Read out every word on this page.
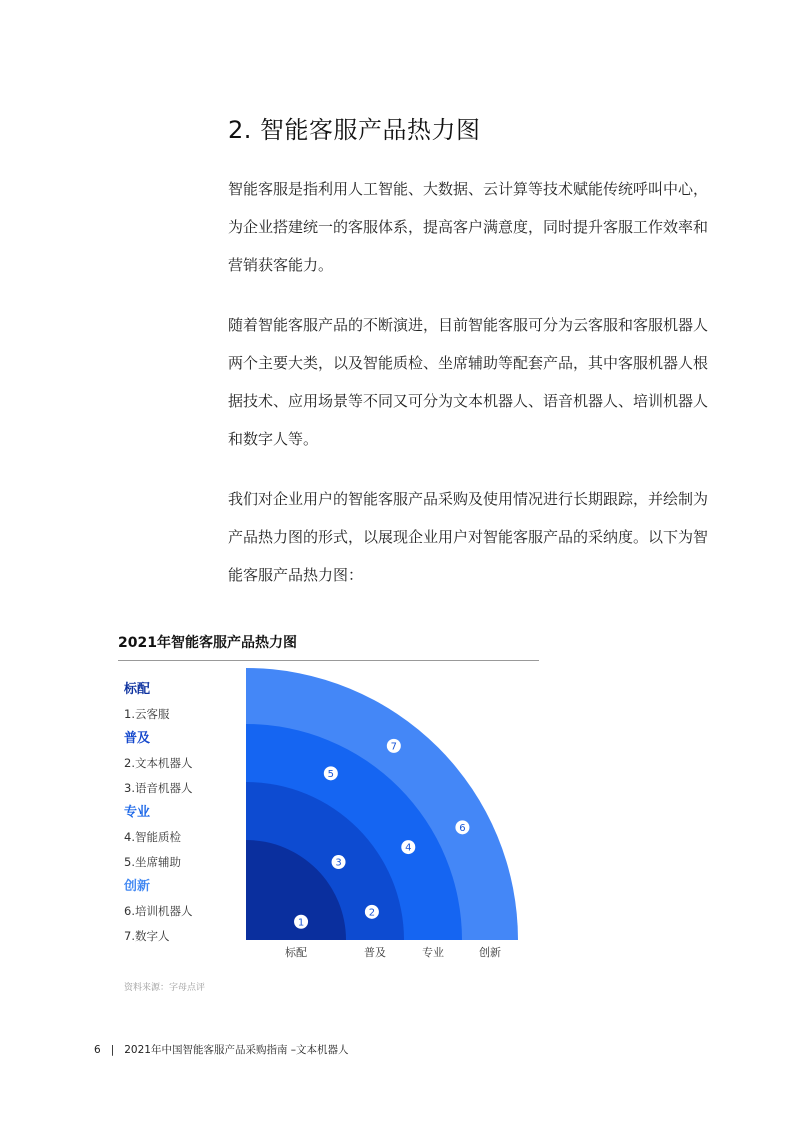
2. 智能客服产品热力图

智能客服是指利用人工智能、大数据、云计算等技术赋能传统呼叫中心，为企业搭建统一的客服体系，提高客户满意度，同时提升客服工作效率和营销获客能力。

随着智能客服产品的不断演进，目前智能客服可分为云客服和客服机器人两个主要大类，以及智能质检、坐席辅助等配套产品，其中客服机器人根据技术、应用场景等不同又可分为文本机器人、语音机器人、培训机器人和数字人等。

我们对企业用户的智能客服产品采购及使用情况进行长期跟踪，并绘制为产品热力图的形式，以展现企业用户对智能客服产品的采纳度。以下为智能客服产品热力图：

2021年智能客服产品热力图
标配
1.云客服
普及
2.文本机器人
3.语音机器人
专业
4.智能质检
5.坐席辅助
创新
6.培训机器人
7.数字人
标配	普及	专业	创新
1
2
3
4
5
6
7
资料来源：字母点评
6 | 2021年中国智能客服产品采购指南 –文本机器人
